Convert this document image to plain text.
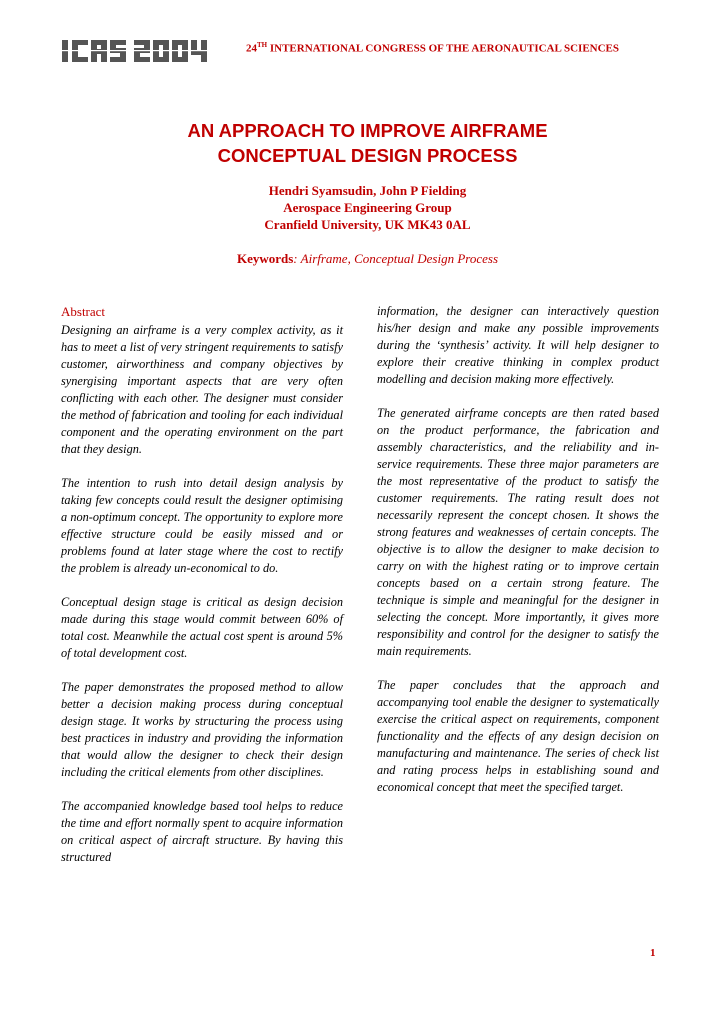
24TH INTERNATIONAL CONGRESS OF THE AERONAUTICAL SCIENCES
AN APPROACH TO IMPROVE AIRFRAME
CONCEPTUAL DESIGN PROCESS
Hendri Syamsudin, John P Fielding
Aerospace Engineering Group
Cranfield University, UK MK43 0AL
Keywords: Airframe, Conceptual Design Process
Abstract

Designing an airframe is a very complex activity, as it has to meet a list of very stringent requirements to satisfy customer, airworthiness and company objectives by synergising important aspects that are very often conflicting with each other. The designer must consider the method of fabrication and tooling for each individual component and the operating environment on the part that they design.

The intention to rush into detail design analysis by taking few concepts could result the designer optimising a non-optimum concept. The opportunity to explore more effective structure could be easily missed and or problems found at later stage where the cost to rectify the problem is already un-economical to do.

Conceptual design stage is critical as design decision made during this stage would commit between 60% of total cost. Meanwhile the actual cost spent is around 5% of total development cost.

The paper demonstrates the proposed method to allow better a decision making process during conceptual design stage. It works by structuring the process using best practices in industry and providing the information that would allow the designer to check their design including the critical elements from other disciplines.

The accompanied knowledge based tool helps to reduce the time and effort normally spent to acquire information on critical aspect of aircraft structure. By having this structured

information, the designer can interactively question his/her design and make any possible improvements during the ‘synthesis’ activity. It will help designer to explore their creative thinking in complex product modelling and decision making more effectively.

The generated airframe concepts are then rated based on the product performance, the fabrication and assembly characteristics, and the reliability and in-service requirements. These three major parameters are the most representative of the product to satisfy the customer requirements. The rating result does not necessarily represent the concept chosen. It shows the strong features and weaknesses of certain concepts. The objective is to allow the designer to make decision to carry on with the highest rating or to improve certain concepts based on a certain strong feature. The technique is simple and meaningful for the designer in selecting the concept. More importantly, it gives more responsibility and control for the designer to satisfy the main requirements.

The paper concludes that the approach and accompanying tool enable the designer to systematically exercise the critical aspect on requirements, component functionality and the effects of any design decision on manufacturing and maintenance. The series of check list and rating process helps in establishing sound and economical concept that meet the specified target.

1
